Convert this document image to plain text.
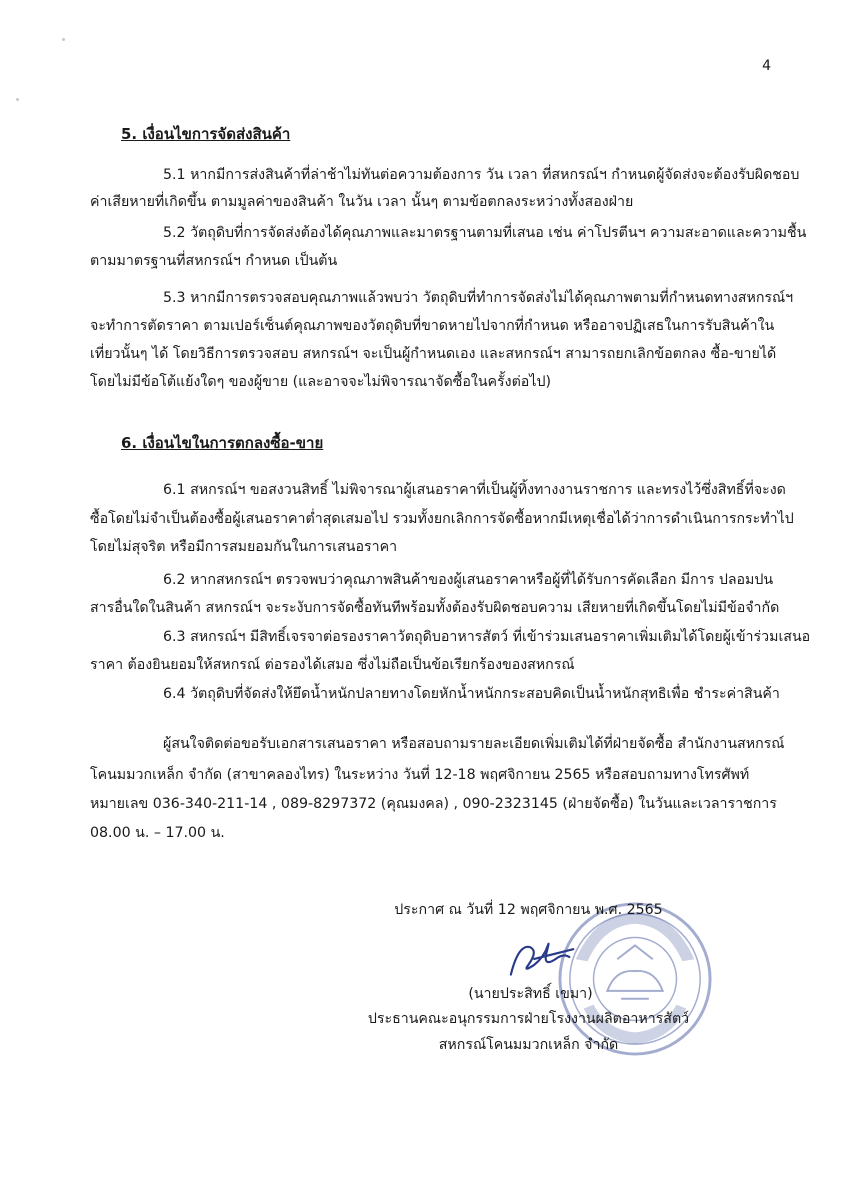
4
5. เงื่อนไขการจัดส่งสินค้า
5.1 หากมีการส่งสินค้าที่ล่าช้าไม่ทันต่อความต้องการ วัน เวลา ที่สหกรณ์ฯ กำหนดผู้จัดส่งจะต้องรับผิดชอบ
ค่าเสียหายที่เกิดขึ้น ตามมูลค่าของสินค้า ในวัน เวลา นั้นๆ ตามข้อตกลงระหว่างทั้งสองฝ่าย
5.2 วัตถุดิบที่การจัดส่งต้องได้คุณภาพและมาตรฐานตามที่เสนอ เช่น ค่าโปรตีนฯ ความสะอาดและความชื้น
ตามมาตรฐานที่สหกรณ์ฯ กำหนด เป็นต้น
5.3 หากมีการตรวจสอบคุณภาพแล้วพบว่า วัตถุดิบที่ทำการจัดส่งไม่ได้คุณภาพตามที่กำหนดทางสหกรณ์ฯ
จะทำการตัดราคา ตามเปอร์เซ็นต์คุณภาพของวัตถุดิบที่ขาดหายไปจากที่กำหนด หรืออาจปฏิเสธในการรับสินค้าใน
เที่ยวนั้นๆ ได้ โดยวิธีการตรวจสอบ สหกรณ์ฯ จะเป็นผู้กำหนดเอง และสหกรณ์ฯ สามารถยกเลิกข้อตกลง ซื้อ-ขายได้
โดยไม่มีข้อโต้แย้งใดๆ ของผู้ขาย (และอาจจะไม่พิจารณาจัดซื้อในครั้งต่อไป)
6. เงื่อนไขในการตกลงซื้อ-ขาย
6.1 สหกรณ์ฯ ขอสงวนสิทธิ์ ไม่พิจารณาผู้เสนอราคาที่เป็นผู้ทิ้งทางงานราชการ และทรงไว้ซึ่งสิทธิ์ที่จะงด
ซื้อโดยไม่จำเป็นต้องซื้อผู้เสนอราคาต่ำสุดเสมอไป รวมทั้งยกเลิกการจัดซื้อหากมีเหตุเชื่อได้ว่าการดำเนินการกระทำไป
โดยไม่สุจริต หรือมีการสมยอมกันในการเสนอราคา
6.2 หากสหกรณ์ฯ ตรวจพบว่าคุณภาพสินค้าของผู้เสนอราคาหรือผู้ที่ได้รับการคัดเลือก มีการ ปลอมปน
สารอื่นใดในสินค้า สหกรณ์ฯ จะระงับการจัดซื้อทันทีพร้อมทั้งต้องรับผิดชอบความ เสียหายที่เกิดขึ้นโดยไม่มีข้อจำกัด
6.3 สหกรณ์ฯ มีสิทธิ์เจรจาต่อรองราคาวัตถุดิบอาหารสัตว์ ที่เข้าร่วมเสนอราคาเพิ่มเติมได้โดยผู้เข้าร่วมเสนอ
ราคา ต้องยินยอมให้สหกรณ์ ต่อรองได้เสมอ ซึ่งไม่ถือเป็นข้อเรียกร้องของสหกรณ์
6.4 วัตถุดิบที่จัดส่งให้ยึดน้ำหนักปลายทางโดยหักน้ำหนักกระสอบคิดเป็นน้ำหนักสุทธิเพื่อ ชำระค่าสินค้า
ผู้สนใจติดต่อขอรับเอกสารเสนอราคา หรือสอบถามรายละเอียดเพิ่มเติมได้ที่ฝ่ายจัดซื้อ สำนักงานสหกรณ์
โคนมมวกเหล็ก จำกัด (สาขาคลองไทร) ในระหว่าง วันที่ 12-18 พฤศจิกายน 2565 หรือสอบถามทางโทรศัพท์
หมายเลข 036-340-211-14 , 089-8297372 (คุณมงคล) , 090-2323145 (ฝ่ายจัดซื้อ) ในวันและเวลาราชการ
08.00 น. – 17.00 น.
ประกาศ ณ วันที่ 12 พฤศจิกายน พ.ศ. 2565
(นายประสิทธิ์ เขมา)
ประธานคณะอนุกรรมการฝ่ายโรงงานผลิตอาหารสัตว์
สหกรณ์โคนมมวกเหล็ก จำกัด
